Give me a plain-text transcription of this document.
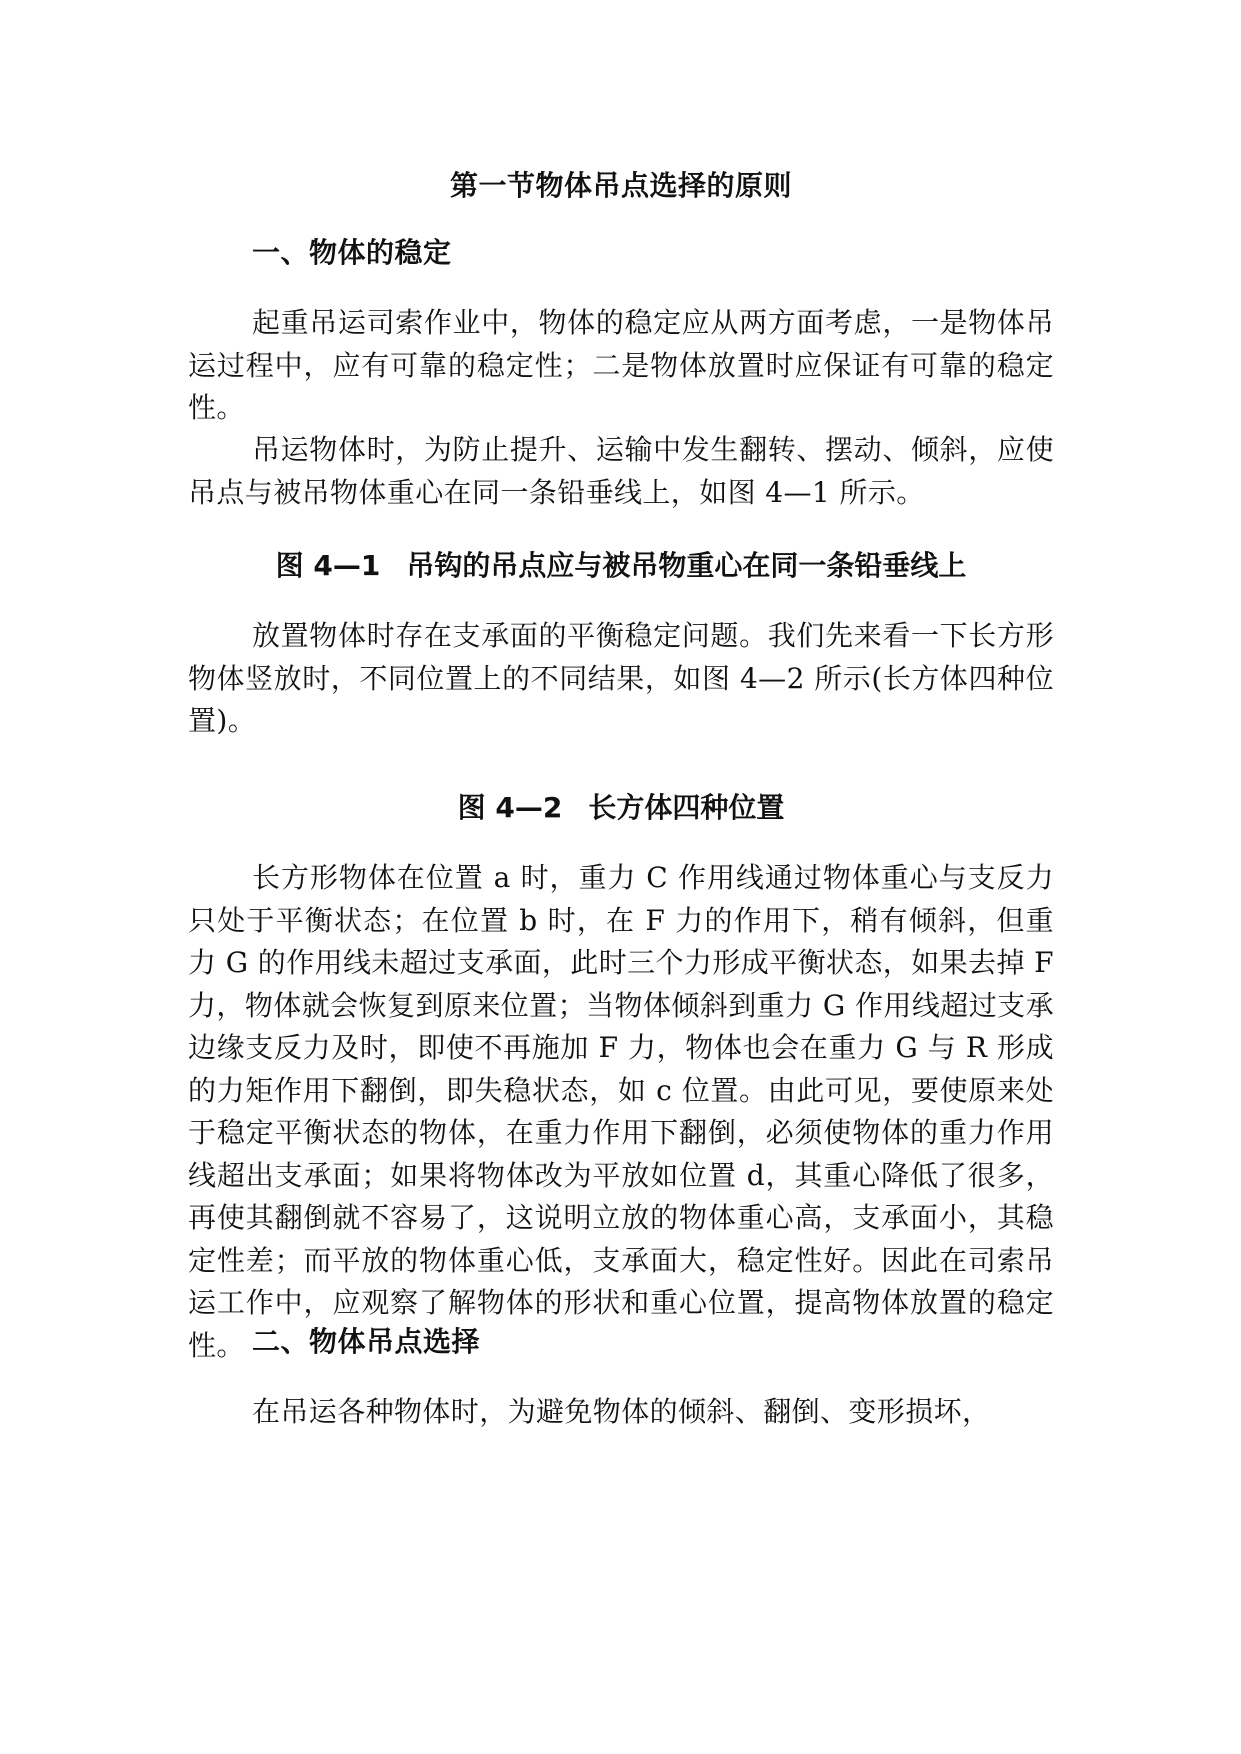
第一节物体吊点选择的原则
一、物体的稳定

起重吊运司索作业中，物体的稳定应从两方面考虑，一是物体吊运过程中，应有可靠的稳定性；二是物体放置时应保证有可靠的稳定性。

吊运物体时，为防止提升、运输中发生翻转、摆动、倾斜，应使吊点与被吊物体重心在同一条铅垂线上，如图 4—1 所示。

图 4—1 吊钩的吊点应与被吊物重心在同一条铅垂线上

放置物体时存在支承面的平衡稳定问题。我们先来看一下长方形物体竖放时，不同位置上的不同结果，如图 4—2 所示(长方体四种位置)。

图 4—2 长方体四种位置

长方形物体在位置 a 时，重力 C 作用线通过物体重心与支反力只处于平衡状态；在位置 b 时，在 F 力的作用下，稍有倾斜，但重力 G 的作用线未超过支承面，此时三个力形成平衡状态，如果去掉 F 力，物体就会恢复到原来位置；当物体倾斜到重力 G 作用线超过支承边缘支反力及时，即使不再施加 F 力，物体也会在重力 G 与 R 形成的力矩作用下翻倒，即失稳状态，如 c 位置。由此可见，要使原来处于稳定平衡状态的物体，在重力作用下翻倒，必须使物体的重力作用线超出支承面；如果将物体改为平放如位置 d，其重心降低了很多，再使其翻倒就不容易了，这说明立放的物体重心高，支承面小，其稳定性差；而平放的物体重心低，支承面大，稳定性好。因此在司索吊运工作中，应观察了解物体的形状和重心位置，提高物体放置的稳定性。 二、物体吊点选择

在吊运各种物体时，为避免物体的倾斜、翻倒、变形损坏，
